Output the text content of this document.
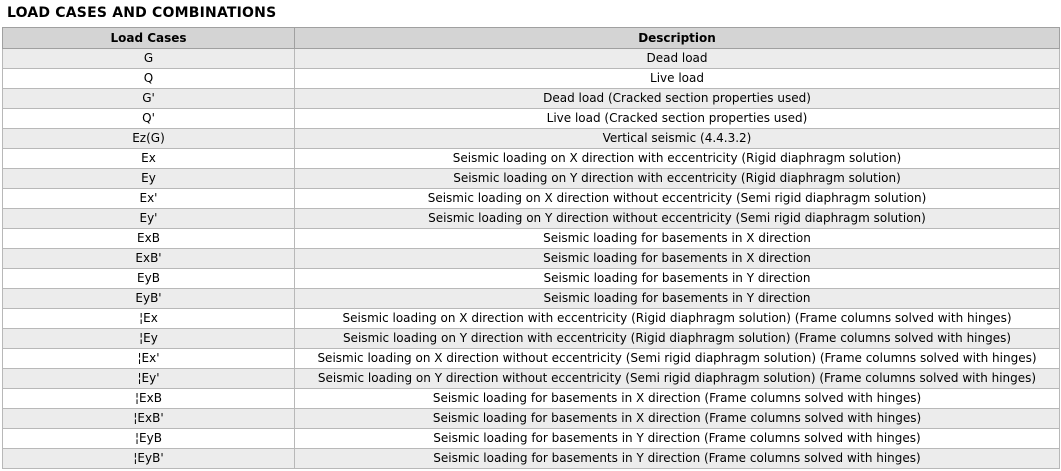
LOAD CASES AND COMBINATIONS
Load Cases	Description
G	Dead load
Q	Live load
G'	Dead load (Cracked section properties used)
Q'	Live load (Cracked section properties used)
Ez(G)	Vertical seismic (4.4.3.2)
Ex	Seismic loading on X direction with eccentricity (Rigid diaphragm solution)
Ey	Seismic loading on Y direction with eccentricity (Rigid diaphragm solution)
Ex'	Seismic loading on X direction without eccentricity (Semi rigid diaphragm solution)
Ey'	Seismic loading on Y direction without eccentricity (Semi rigid diaphragm solution)
ExB	Seismic loading for basements in X direction
ExB'	Seismic loading for basements in X direction
EyB	Seismic loading for basements in Y direction
EyB'	Seismic loading for basements in Y direction
¦Ex	Seismic loading on X direction with eccentricity (Rigid diaphragm solution) (Frame columns solved with hinges)
¦Ey	Seismic loading on Y direction with eccentricity (Rigid diaphragm solution) (Frame columns solved with hinges)
¦Ex'	Seismic loading on X direction without eccentricity (Semi rigid diaphragm solution) (Frame columns solved with hinges)
¦Ey'	Seismic loading on Y direction without eccentricity (Semi rigid diaphragm solution) (Frame columns solved with hinges)
¦ExB	Seismic loading for basements in X direction (Frame columns solved with hinges)
¦ExB'	Seismic loading for basements in X direction (Frame columns solved with hinges)
¦EyB	Seismic loading for basements in Y direction (Frame columns solved with hinges)
¦EyB'	Seismic loading for basements in Y direction (Frame columns solved with hinges)
